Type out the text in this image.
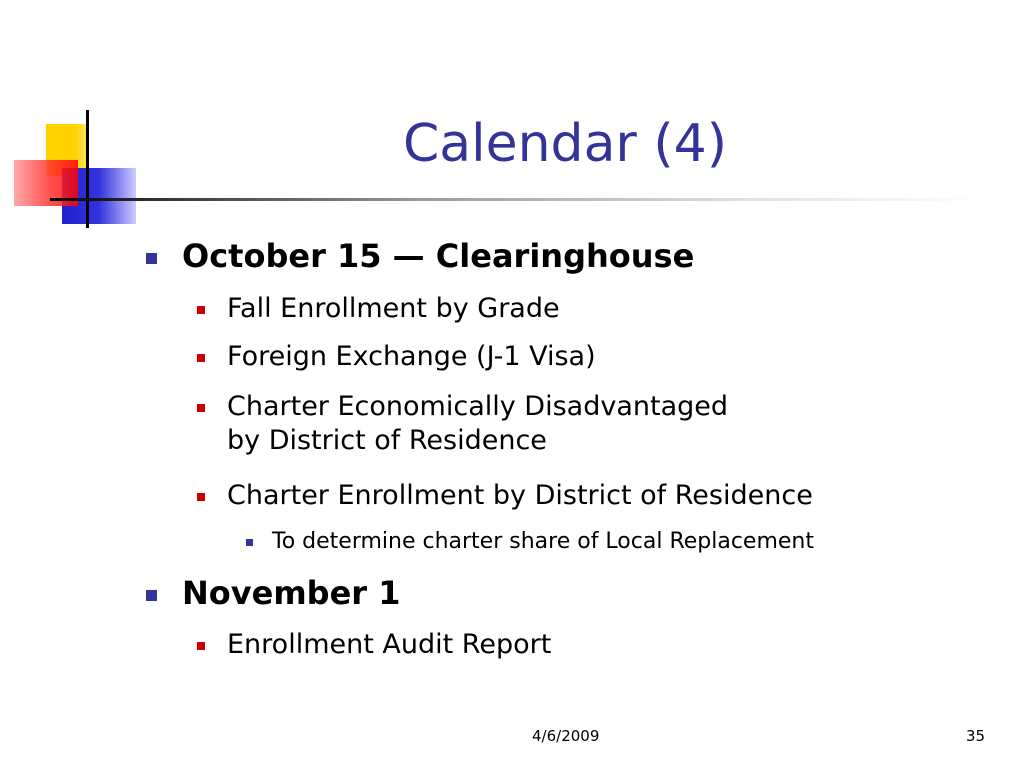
Calendar (4)
October 15 — Clearinghouse
Fall Enrollment by Grade
Foreign Exchange (J-1 Visa)
Charter Economically Disadvantaged
by District of Residence
Charter Enrollment by District of Residence
To determine charter share of Local Replacement
November 1
Enrollment Audit Report
4/6/2009	35
